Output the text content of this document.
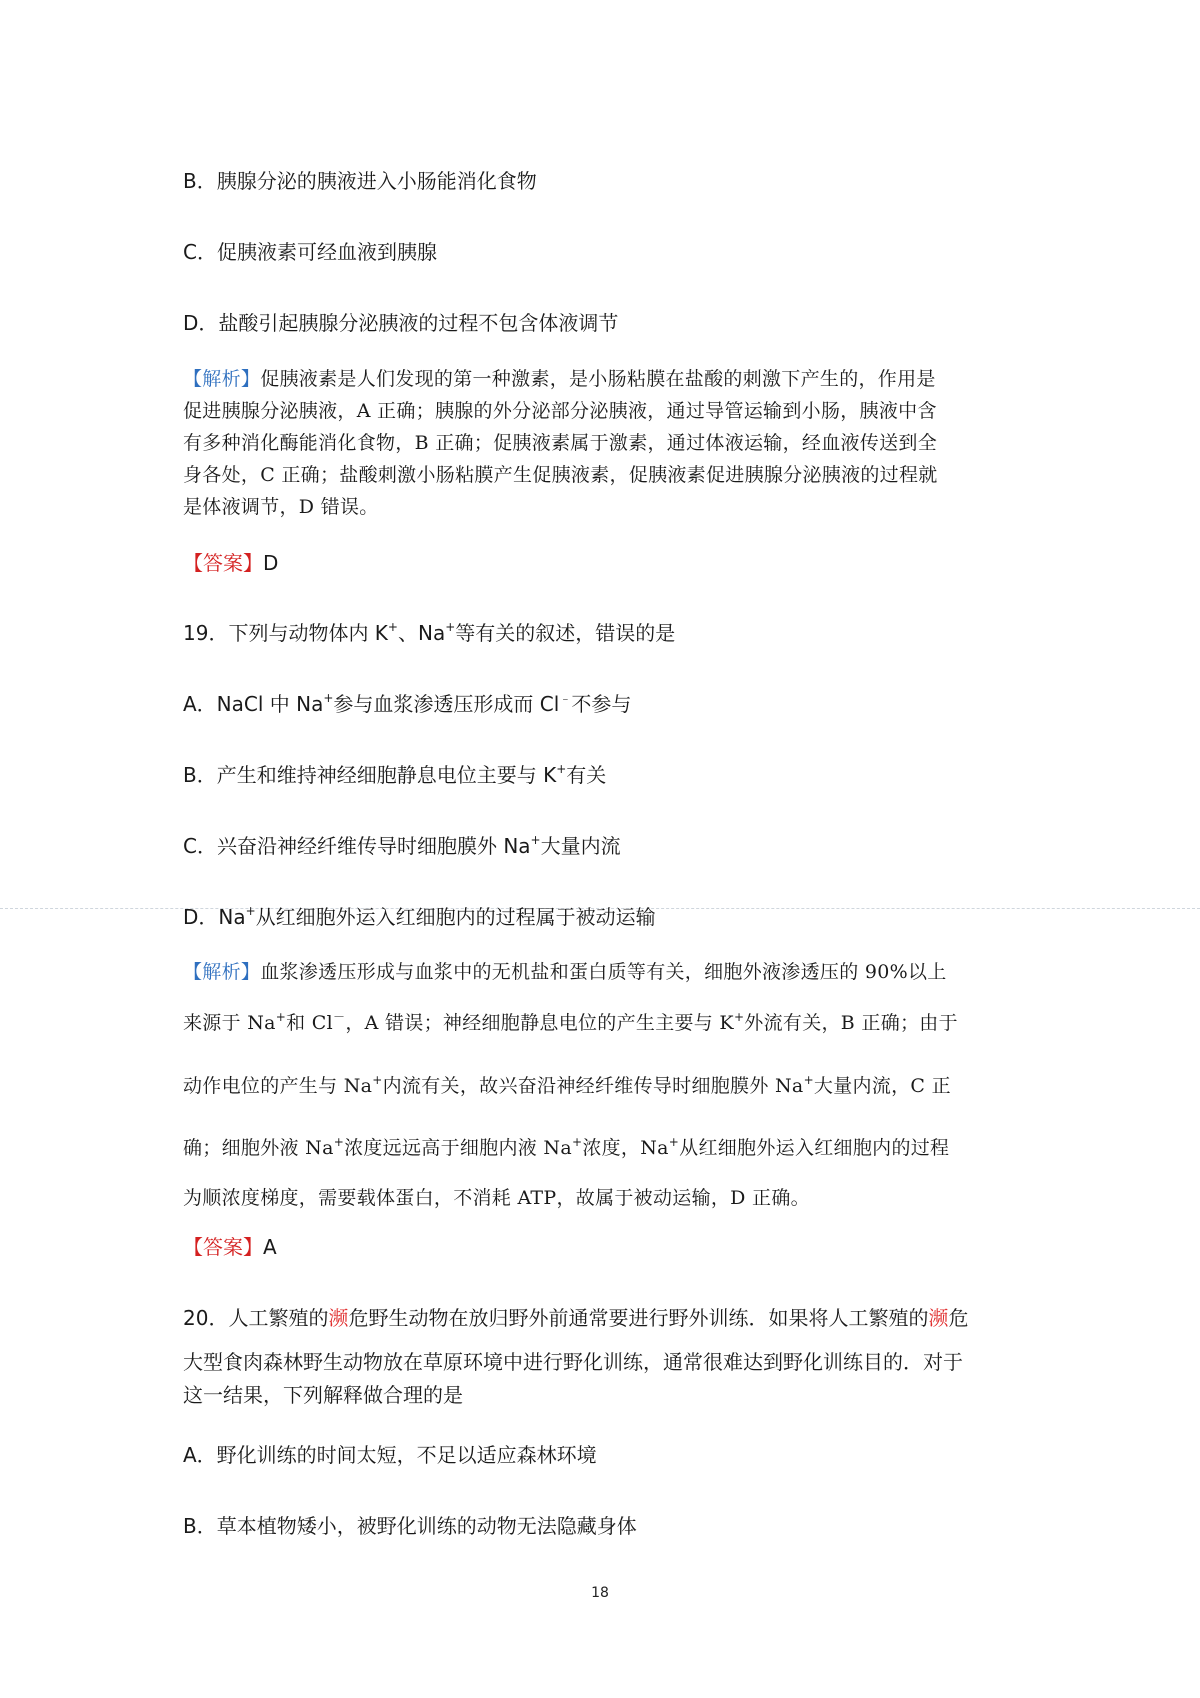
B．胰腺分泌的胰液进入小肠能消化食物
C．促胰液素可经血液到胰腺
D．盐酸引起胰腺分泌胰液的过程不包含体液调节
【解析】促胰液素是人们发现的第一种激素，是小肠粘膜在盐酸的刺激下产生的，作用是
促进胰腺分泌胰液，A 正确；胰腺的外分泌部分泌胰液，通过导管运输到小肠，胰液中含
有多种消化酶能消化食物，B 正确；促胰液素属于激素，通过体液运输，经血液传送到全
身各处，C 正确；盐酸刺激小肠粘膜产生促胰液素，促胰液素促进胰腺分泌胰液的过程就
是体液调节，D 错误。
【答案】D
19．下列与动物体内 K+、Na+等有关的叙述，错误的是
A．NaCl 中 Na+参与血浆渗透压形成而 Cl﹣不参与
B．产生和维持神经细胞静息电位主要与 K+有关
C．兴奋沿神经纤维传导时细胞膜外 Na+大量内流
D．Na+从红细胞外运入红细胞内的过程属于被动运输
【解析】血浆渗透压形成与血浆中的无机盐和蛋白质等有关，细胞外液渗透压的 90%以上
来源于 Na+和 Cl－，A 错误；神经细胞静息电位的产生主要与 K+外流有关，B 正确；由于
动作电位的产生与 Na+内流有关，故兴奋沿神经纤维传导时细胞膜外 Na+大量内流，C 正
确；细胞外液 Na+浓度远远高于细胞内液 Na+浓度，Na+从红细胞外运入红细胞内的过程
为顺浓度梯度，需要载体蛋白，不消耗 ATP，故属于被动运输，D 正确。
【答案】A
20．人工繁殖的濒危野生动物在放归野外前通常要进行野外训练．如果将人工繁殖的濒危
大型食肉森林野生动物放在草原环境中进行野化训练，通常很难达到野化训练目的．对于
这一结果，下列解释做合理的是
A．野化训练的时间太短，不足以适应森林环境
B．草本植物矮小，被野化训练的动物无法隐藏身体
18
